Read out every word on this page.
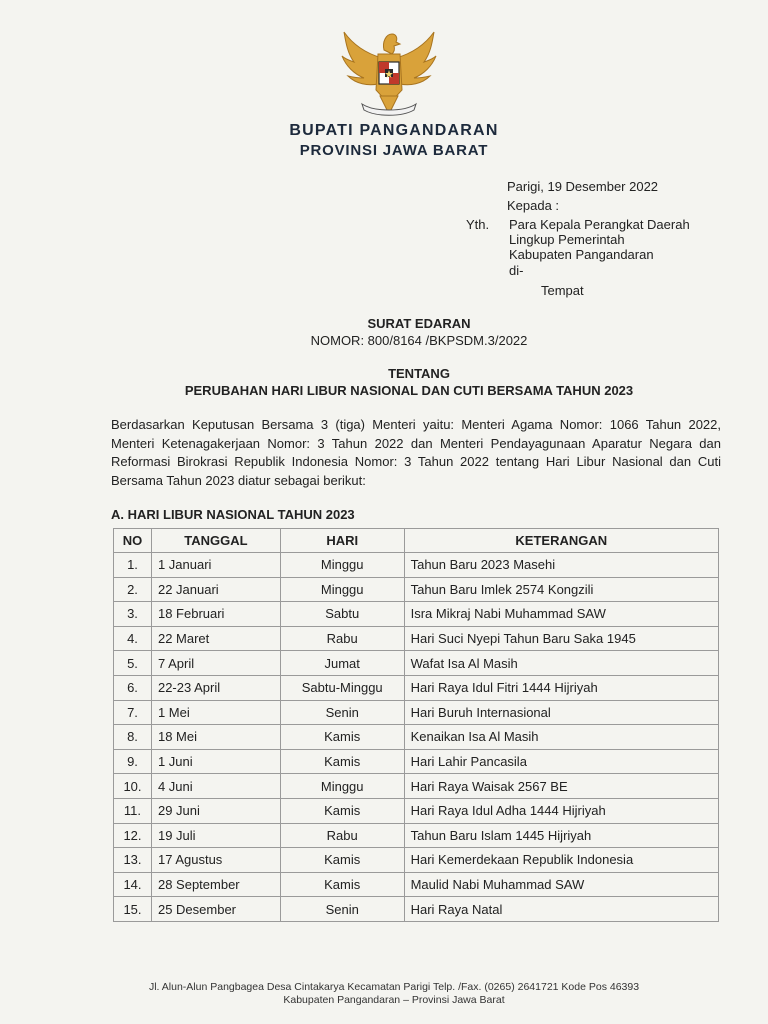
BUPATI PANGANDARAN
PROVINSI JAWA BARAT
Parigi, 19 Desember 2022
Kepada :
Yth. Para Kepala Perangkat Daerah
Lingkup Pemerintah
Kabupaten Pangandaran
di-
Tempat
SURAT EDARAN
NOMOR: 800/8164 /BKPSDM.3/2022
TENTANG
PERUBAHAN HARI LIBUR NASIONAL DAN CUTI BERSAMA TAHUN 2023
Berdasarkan Keputusan Bersama 3 (tiga) Menteri yaitu: Menteri Agama Nomor: 1066 Tahun 2022, Menteri Ketenagakerjaan Nomor: 3 Tahun 2022 dan Menteri Pendayagunaan Aparatur Negara dan Reformasi Birokrasi Republik Indonesia Nomor: 3 Tahun 2022 tentang Hari Libur Nasional dan Cuti Bersama Tahun 2023 diatur sebagai berikut:
A. HARI LIBUR NASIONAL TAHUN 2023
NO	TANGGAL	HARI	KETERANGAN
1.	1 Januari	Minggu	Tahun Baru 2023 Masehi
2.	22 Januari	Minggu	Tahun Baru Imlek 2574 Kongzili
3.	18 Februari	Sabtu	Isra Mikraj Nabi Muhammad SAW
4.	22 Maret	Rabu	Hari Suci Nyepi Tahun Baru Saka 1945
5.	7 April	Jumat	Wafat Isa Al Masih
6.	22-23 April	Sabtu-Minggu	Hari Raya Idul Fitri 1444 Hijriyah
7.	1 Mei	Senin	Hari Buruh Internasional
8.	18 Mei	Kamis	Kenaikan Isa Al Masih
9.	1 Juni	Kamis	Hari Lahir Pancasila
10.	4 Juni	Minggu	Hari Raya Waisak 2567 BE
11.	29 Juni	Kamis	Hari Raya Idul Adha 1444 Hijriyah
12.	19 Juli	Rabu	Tahun Baru Islam 1445 Hijriyah
13.	17 Agustus	Kamis	Hari Kemerdekaan Republik Indonesia
14.	28 September	Kamis	Maulid Nabi Muhammad SAW
15.	25 Desember	Senin	Hari Raya Natal
Jl. Alun-Alun Pangbagea Desa Cintakarya Kecamatan Parigi Telp. /Fax. (0265) 2641721 Kode Pos 46393
Kabupaten Pangandaran – Provinsi Jawa Barat
